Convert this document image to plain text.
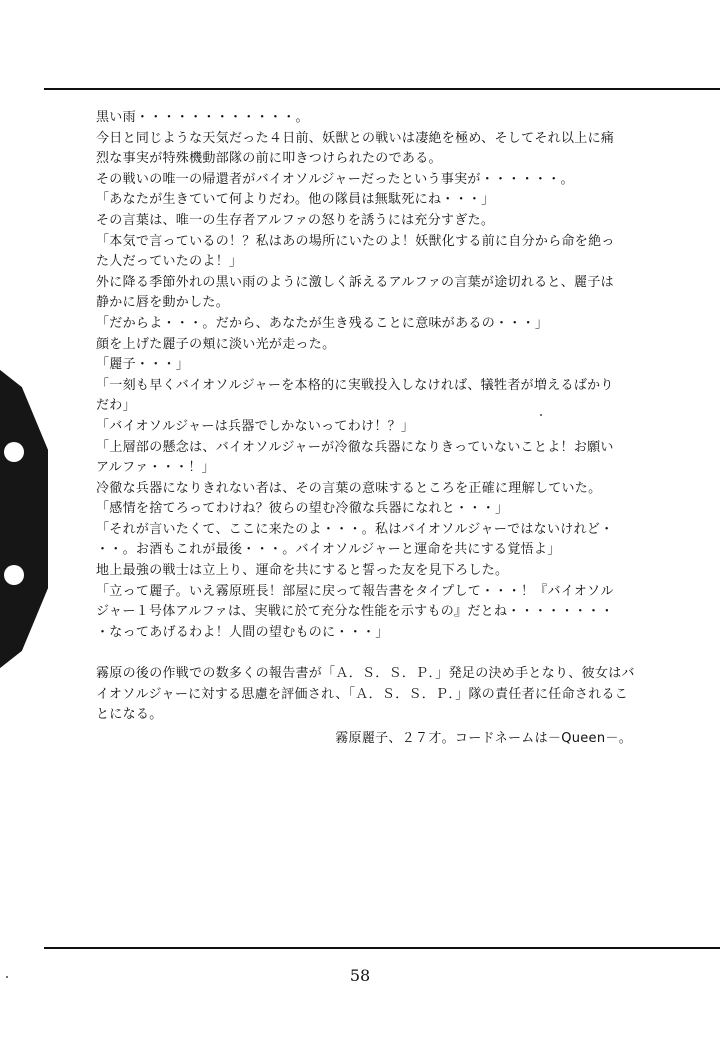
黒い雨・・・・・・・・・・・・。

今日と同じような天気だった４日前、妖獣との戦いは凄絶を極め、そしてそれ以上に痛

烈な事実が特殊機動部隊の前に叩きつけられたのである。

その戦いの唯一の帰還者がバイオソルジャーだったという事実が・・・・・・。

「あなたが生きていて何よりだわ。他の隊員は無駄死にね・・・」

その言葉は、唯一の生存者アルファの怒りを誘うには充分すぎた。

「本気で言っているの！？私はあの場所にいたのよ！妖獣化する前に自分から命を絶っ

た人だっていたのよ！」

外に降る季節外れの黒い雨のように激しく訴えるアルファの言葉が途切れると、麗子は

静かに唇を動かした。

「だからよ・・・。だから、あなたが生き残ることに意味があるの・・・」

顔を上げた麗子の頬に淡い光が走った。

「麗子・・・」

「一刻も早くバイオソルジャーを本格的に実戦投入しなければ、犠牲者が増えるばかり

だわ」

「バイオソルジャーは兵器でしかないってわけ！？」

「上層部の懸念は、バイオソルジャーが冷徹な兵器になりきっていないことよ！お願い

アルファ・・・！」

冷徹な兵器になりきれない者は、その言葉の意味するところを正確に理解していた。

「感情を捨てろってわけね？彼らの望む冷徹な兵器になれと・・・」

「それが言いたくて、ここに来たのよ・・・。私はバイオソルジャーではないけれど・

・・。お酒もこれが最後・・・。バイオソルジャーと運命を共にする覚悟よ」

地上最強の戦士は立上り、運命を共にすると誓った友を見下ろした。

「立って麗子。いえ霧原班長！部屋に戻って報告書をタイプして・・・！『バイオソル

ジャー１号体アルファは、実戦に於て充分な性能を示すもの』だとね・・・・・・・・

・なってあげるわよ！人間の望むものに・・・」

霧原の後の作戦での数多くの報告書が「Ａ．Ｓ．Ｓ．Ｐ．」発足の決め手となり、彼女はバ

イオソルジャーに対する思慮を評価され、「Ａ．Ｓ．Ｓ．Ｐ．」隊の責任者に任命されるこ

とになる。

霧原麗子、２７才。コードネームは－Queen－。
58
